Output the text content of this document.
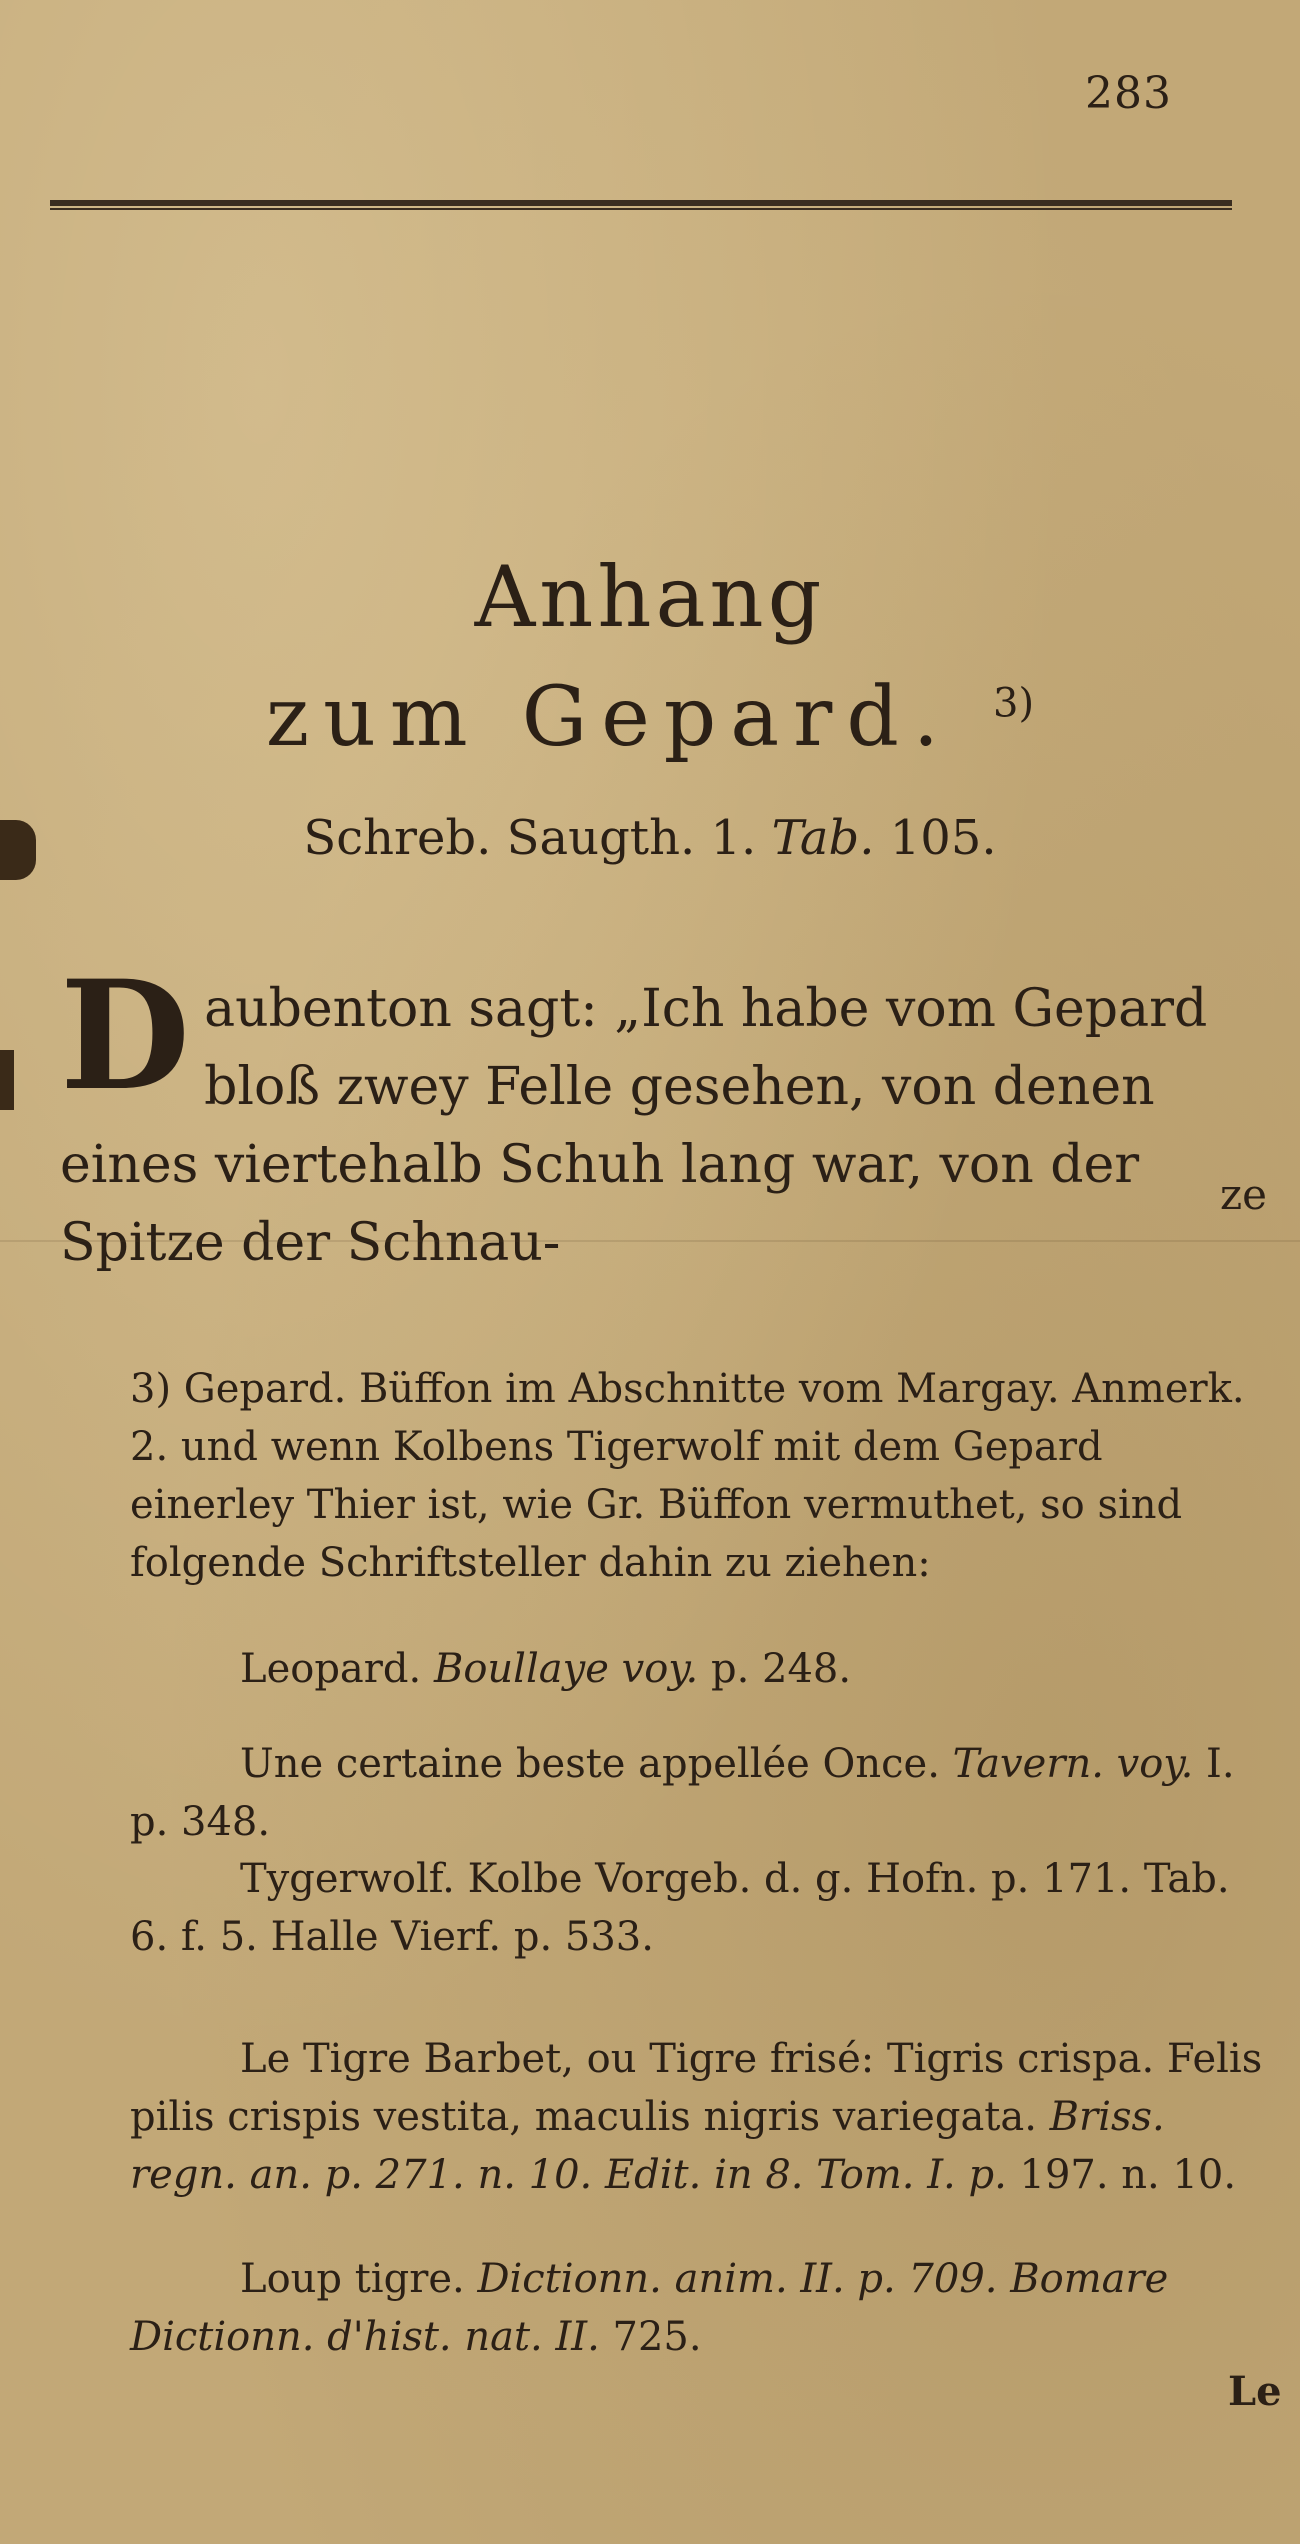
283
Anhang
zum Gepard. $^{3)}$
Schreb. Saugth. 1. Tab. 105.
D aubenton sagt: „Ich habe vom Gepard bloß zwey Felle gesehen, von denen eines viertehalb Schuh lang war, von der Spitze der Schnau-
ze
3) Gepard. Büffon im Abschnitte vom Margay. Anmerk. 2. und wenn Kolbens Tigerwolf mit dem Gepard einerley Thier ist, wie Gr. Büffon vermuthet, so sind folgende Schriftsteller dahin zu ziehen:
Leopard. Boullaye voy. p. 248.
Une certaine beste appellée Once. Tavern. voy. I. p. 348.
Tygerwolf. Kolbe Vorgeb. d. g. Hofn. p. 171. Tab. 6. f. 5. Halle Vierf. p. 533.
Le Tigre Barbet, ou Tigre frisé: Tigris crispa. Felis pilis crispis vestita, maculis nigris variegata. Briss. regn. an. p. 271. n. 10. Edit. in 8. Tom. I. p. 197. n. 10.
Loup tigre. Dictionn. anim. II. p. 709. Bomare Dictionn. d'hist. nat. II. 725.
Le
